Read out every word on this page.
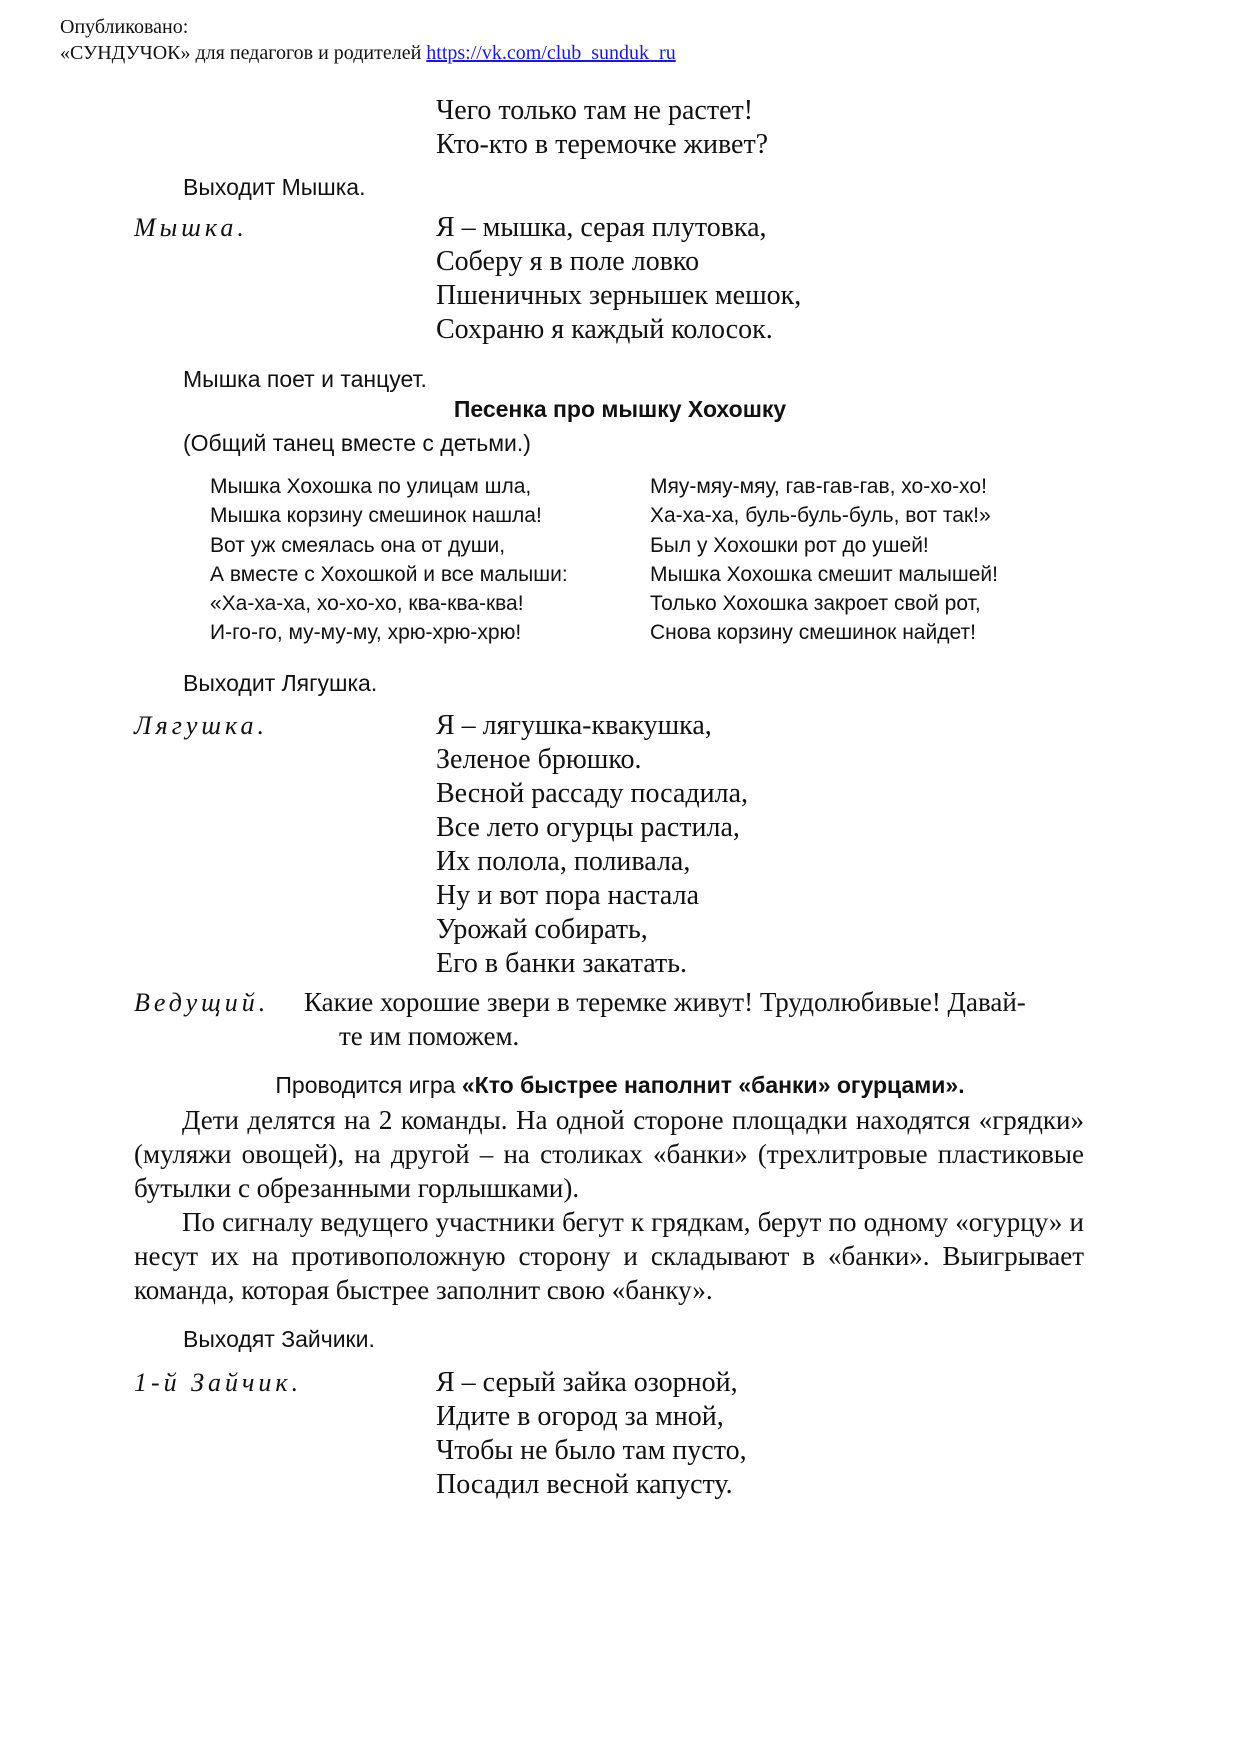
Опубликовано:
«СУНДУЧОК» для педагогов и родителей https://vk.com/club_sunduk_ru
Чего только там не растет!
Кто-кто в теремочке живет?
Выходит Мышка.
Мышка.	Я – мышка, серая плутовка,
Соберу я в поле ловко
Пшеничных зернышек мешок,
Сохраню я каждый колосок.
Мышка поет и танцует.
Песенка про мышку Хохошку
(Общий танец вместе с детьми.)
Мышка Хохошка по улицам шла,
Мышка корзину смешинок нашла!
Вот уж смеялась она от души,
А вместе с Хохошкой и все малыши:
«Ха-ха-ха, хо-хо-хо, ква-ква-ква!
И-го-го, му-му-му, хрю-хрю-хрю!
Мяу-мяу-мяу, гав-гав-гав, хо-хо-хо!
Ха-ха-ха, буль-буль-буль, вот так!»
Был у Хохошки рот до ушей!
Мышка Хохошка смешит малышей!
Только Хохошка закроет свой рот,
Снова корзину смешинок найдет!
Выходит Лягушка.
Лягушка.	Я – лягушка-квакушка,
Зеленое брюшко.
Весной рассаду посадила,
Все лето огурцы растила,
Их полола, поливала,
Ну и вот пора настала
Урожай собирать,
Его в банки закатать.
Ведущий. Какие хорошие звери в теремке живут! Трудолюбивые! Давай-
те им поможем.
Проводится игра «Кто быстрее наполнит «банки» огурцами».
Дети делятся на 2 команды. На одной стороне площадки находятся «грядки» (муляжи овощей), на другой – на столиках «банки» (трехлитровые пластиковые бутылки с обрезанными горлышками).
По сигналу ведущего участники бегут к грядкам, берут по одному «огурцу» и несут их на противоположную сторону и складывают в «банки». Выигрывает команда, которая быстрее заполнит свою «банку».
Выходят Зайчики.
1-й Зайчик.	Я – серый зайка озорной,
Идите в огород за мной,
Чтобы не было там пусто,
Посадил весной капусту.
